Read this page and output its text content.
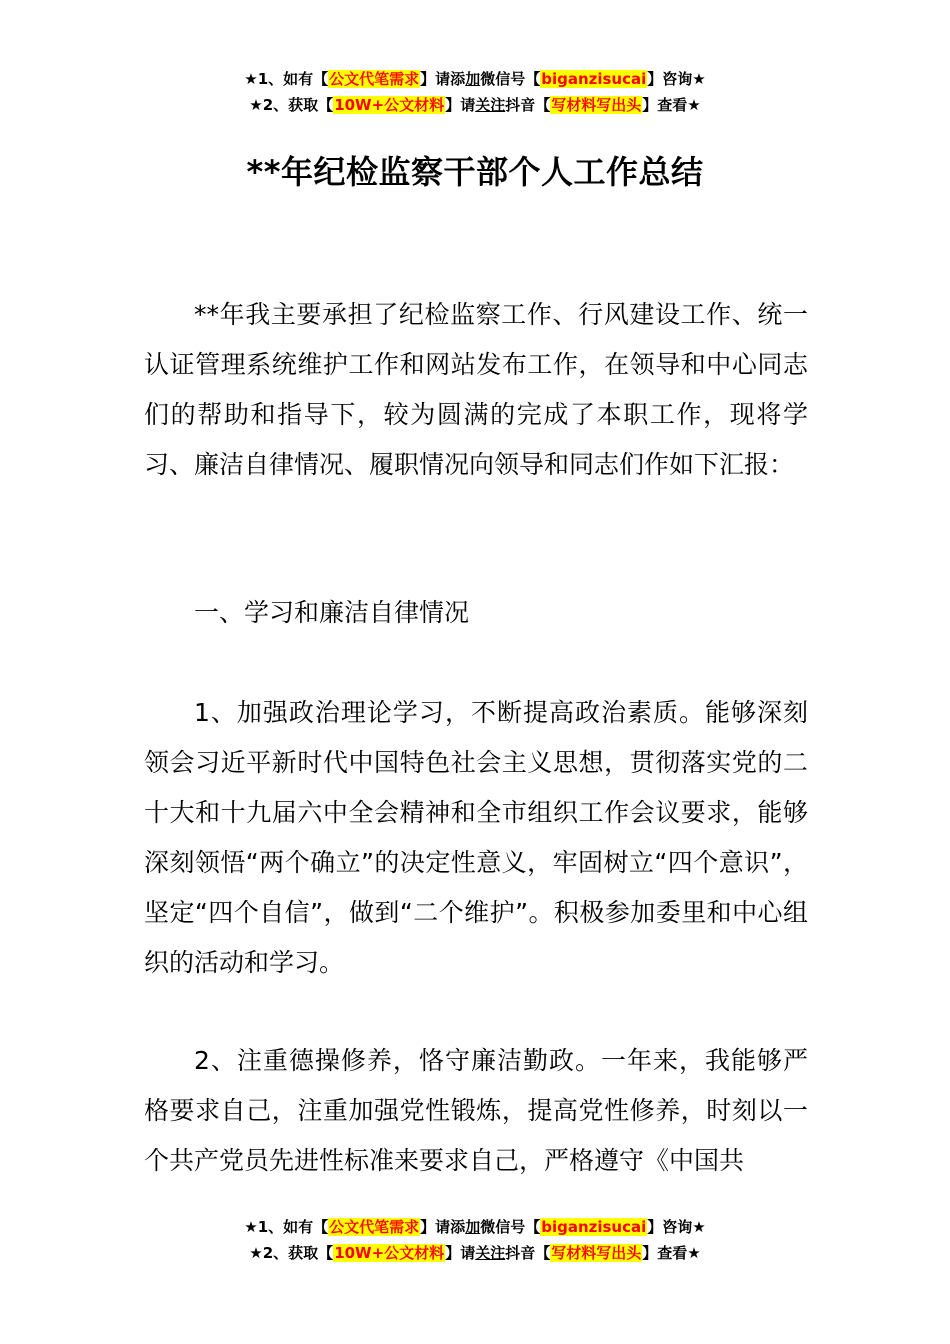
★1、如有【公文代笔需求】请添加微信号【biganzisucai】咨询★
★2、获取【10W+公文材料】请关注抖音【写材料写出头】查看★
**年纪检监察干部个人工作总结

**年我主要承担了纪检监察工作、行风建设工作、统一认证管理系统维护工作和网站发布工作，在领导和中心同志们的帮助和指导下，较为圆满的完成了本职工作，现将学习、廉洁自律情况、履职情况向领导和同志们作如下汇报：

一、学习和廉洁自律情况

1、加强政治理论学习，不断提高政治素质。能够深刻领会习近平新时代中国特色社会主义思想，贯彻落实党的二十大和十九届六中全会精神和全市组织工作会议要求，能够深刻领悟“两个确立”的决定性意义，牢固树立“四个意识”，坚定“四个自信”，做到“二个维护”。积极参加委里和中心组织的活动和学习。

2、注重德操修养，恪守廉洁勤政。一年来，我能够严格要求自己，注重加强党性锻炼，提高党性修养，时刻以一个共产党员先进性标准来要求自己，严格遵守《中国共

★1、如有【公文代笔需求】请添加微信号【biganzisucai】咨询★
★2、获取【10W+公文材料】请关注抖音【写材料写出头】查看★
